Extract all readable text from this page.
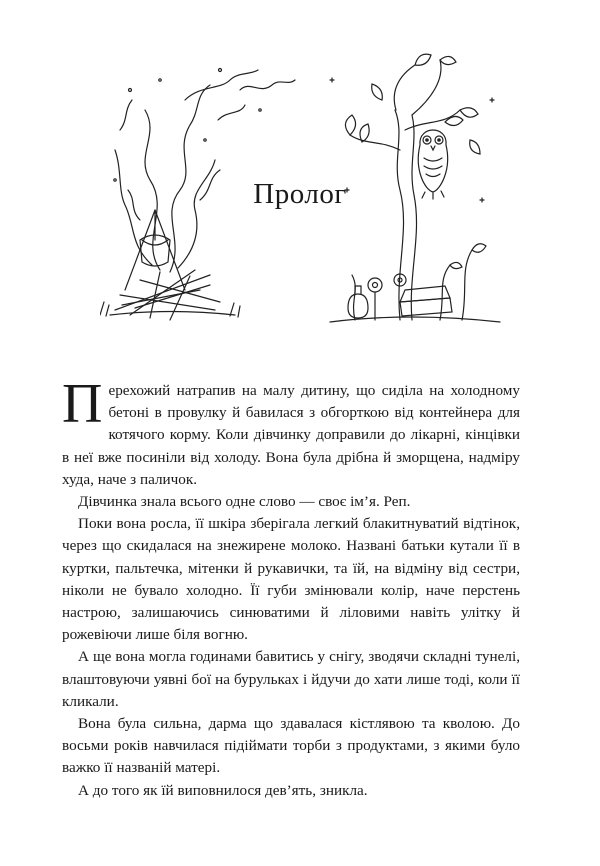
Пролог

Перехожий натрапив на малу дитину, що сиділа на холодному бетоні в провулку й бавилася з обгорткою від контейнера для котячого корму. Коли дівчинку доправили до лікарні, кінцівки в неї вже посиніли від холоду. Вона була дрібна й зморщена, надміру худа, наче з паличок.

Дівчинка знала всього одне слово — своє ім’я. Реп.

Поки вона росла, її шкіра зберігала легкий блакитнуватий відтінок, через що скидалася на знежирене молоко. Названі батьки кутали її в куртки, пальтечка, мітенки й рукавички, та їй, на відміну від сестри, ніколи не бувало холодно. Її губи змінювали колір, наче перстень настрою, залишаючись синюватими й ліловими навіть улітку й рожевіючи лише біля вогню.

А ще вона могла годинами бавитись у снігу, зводячи складні тунелі, влаштовуючи уявні бої на бурульках і йдучи до хати лише тоді, коли її кликали.

Вона була сильна, дарма що здавалася кістлявою та кволою. До восьми років навчилася підіймати торби з продуктами, з якими було важко її названій матері.

А до того як їй виповнилося дев’ять, зникла.
